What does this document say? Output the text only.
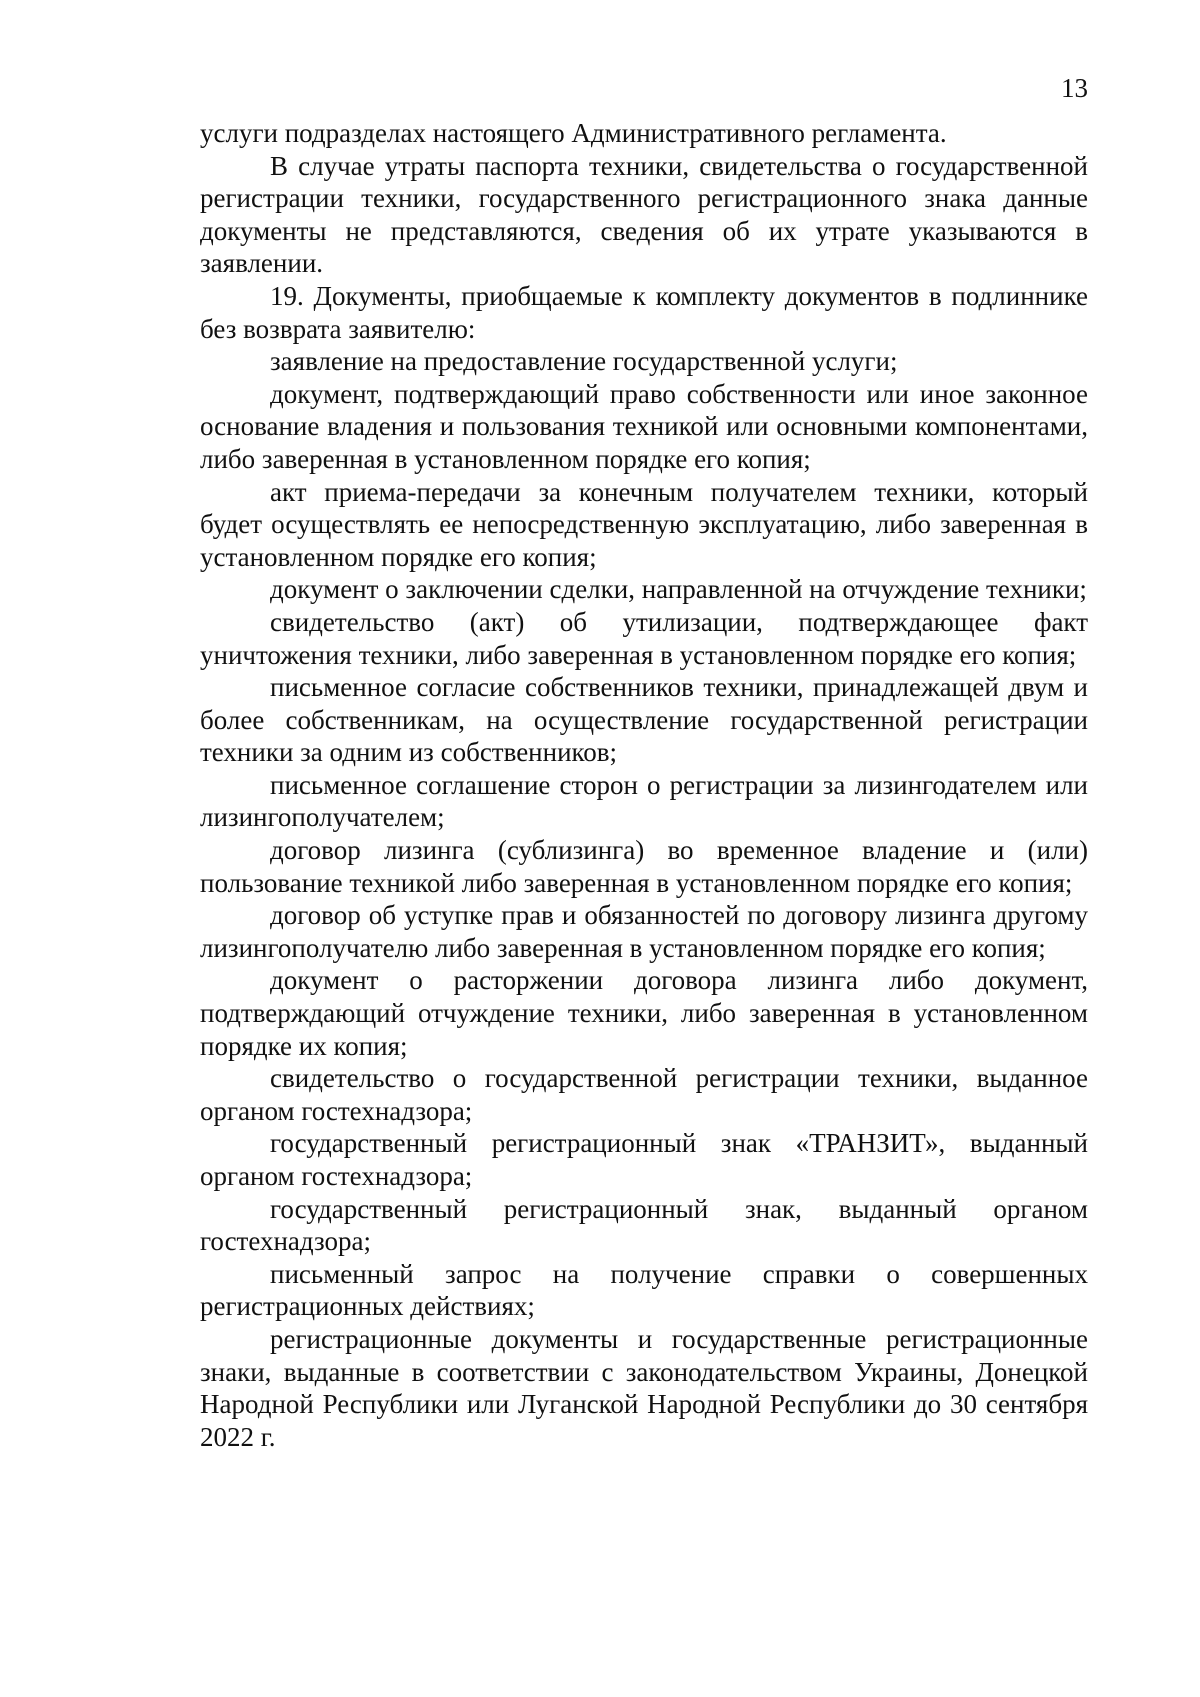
13

услуги подразделах настоящего Административного регламента.

В случае утраты паспорта техники, свидетельства о государственной регистрации техники, государственного регистрационного знака данные документы не представляются, сведения об их утрате указываются в заявлении.

19. Документы, приобщаемые к комплекту документов в подлиннике без возврата заявителю:

заявление на предоставление государственной услуги;

документ, подтверждающий право собственности или иное законное основание владения и пользования техникой или основными компонентами, либо заверенная в установленном порядке его копия;

акт приема-передачи за конечным получателем техники, который будет осуществлять ее непосредственную эксплуатацию, либо заверенная в установленном порядке его копия;

документ о заключении сделки, направленной на отчуждение техники;

свидетельство (акт) об утилизации, подтверждающее факт уничтожения техники, либо заверенная в установленном порядке его копия;

письменное согласие собственников техники, принадлежащей двум и более собственникам, на осуществление государственной регистрации техники за одним из собственников;

письменное соглашение сторон о регистрации за лизингодателем или лизингополучателем;

договор лизинга (сублизинга) во временное владение и (или) пользование техникой либо заверенная в установленном порядке его копия;

договор об уступке прав и обязанностей по договору лизинга другому лизингополучателю либо заверенная в установленном порядке его копия;

документ о расторжении договора лизинга либо документ, подтверждающий отчуждение техники, либо заверенная в установленном порядке их копия;

свидетельство о государственной регистрации техники, выданное органом гостехнадзора;

государственный регистрационный знак «ТРАНЗИТ», выданный органом гостехнадзора;

государственный регистрационный знак, выданный органом гостехнадзора;

письменный запрос на получение справки о совершенных регистрационных действиях;

регистрационные документы и государственные регистрационные знаки, выданные в соответствии с законодательством Украины, Донецкой Народной Республики или Луганской Народной Республики до 30 сентября 2022 г.
